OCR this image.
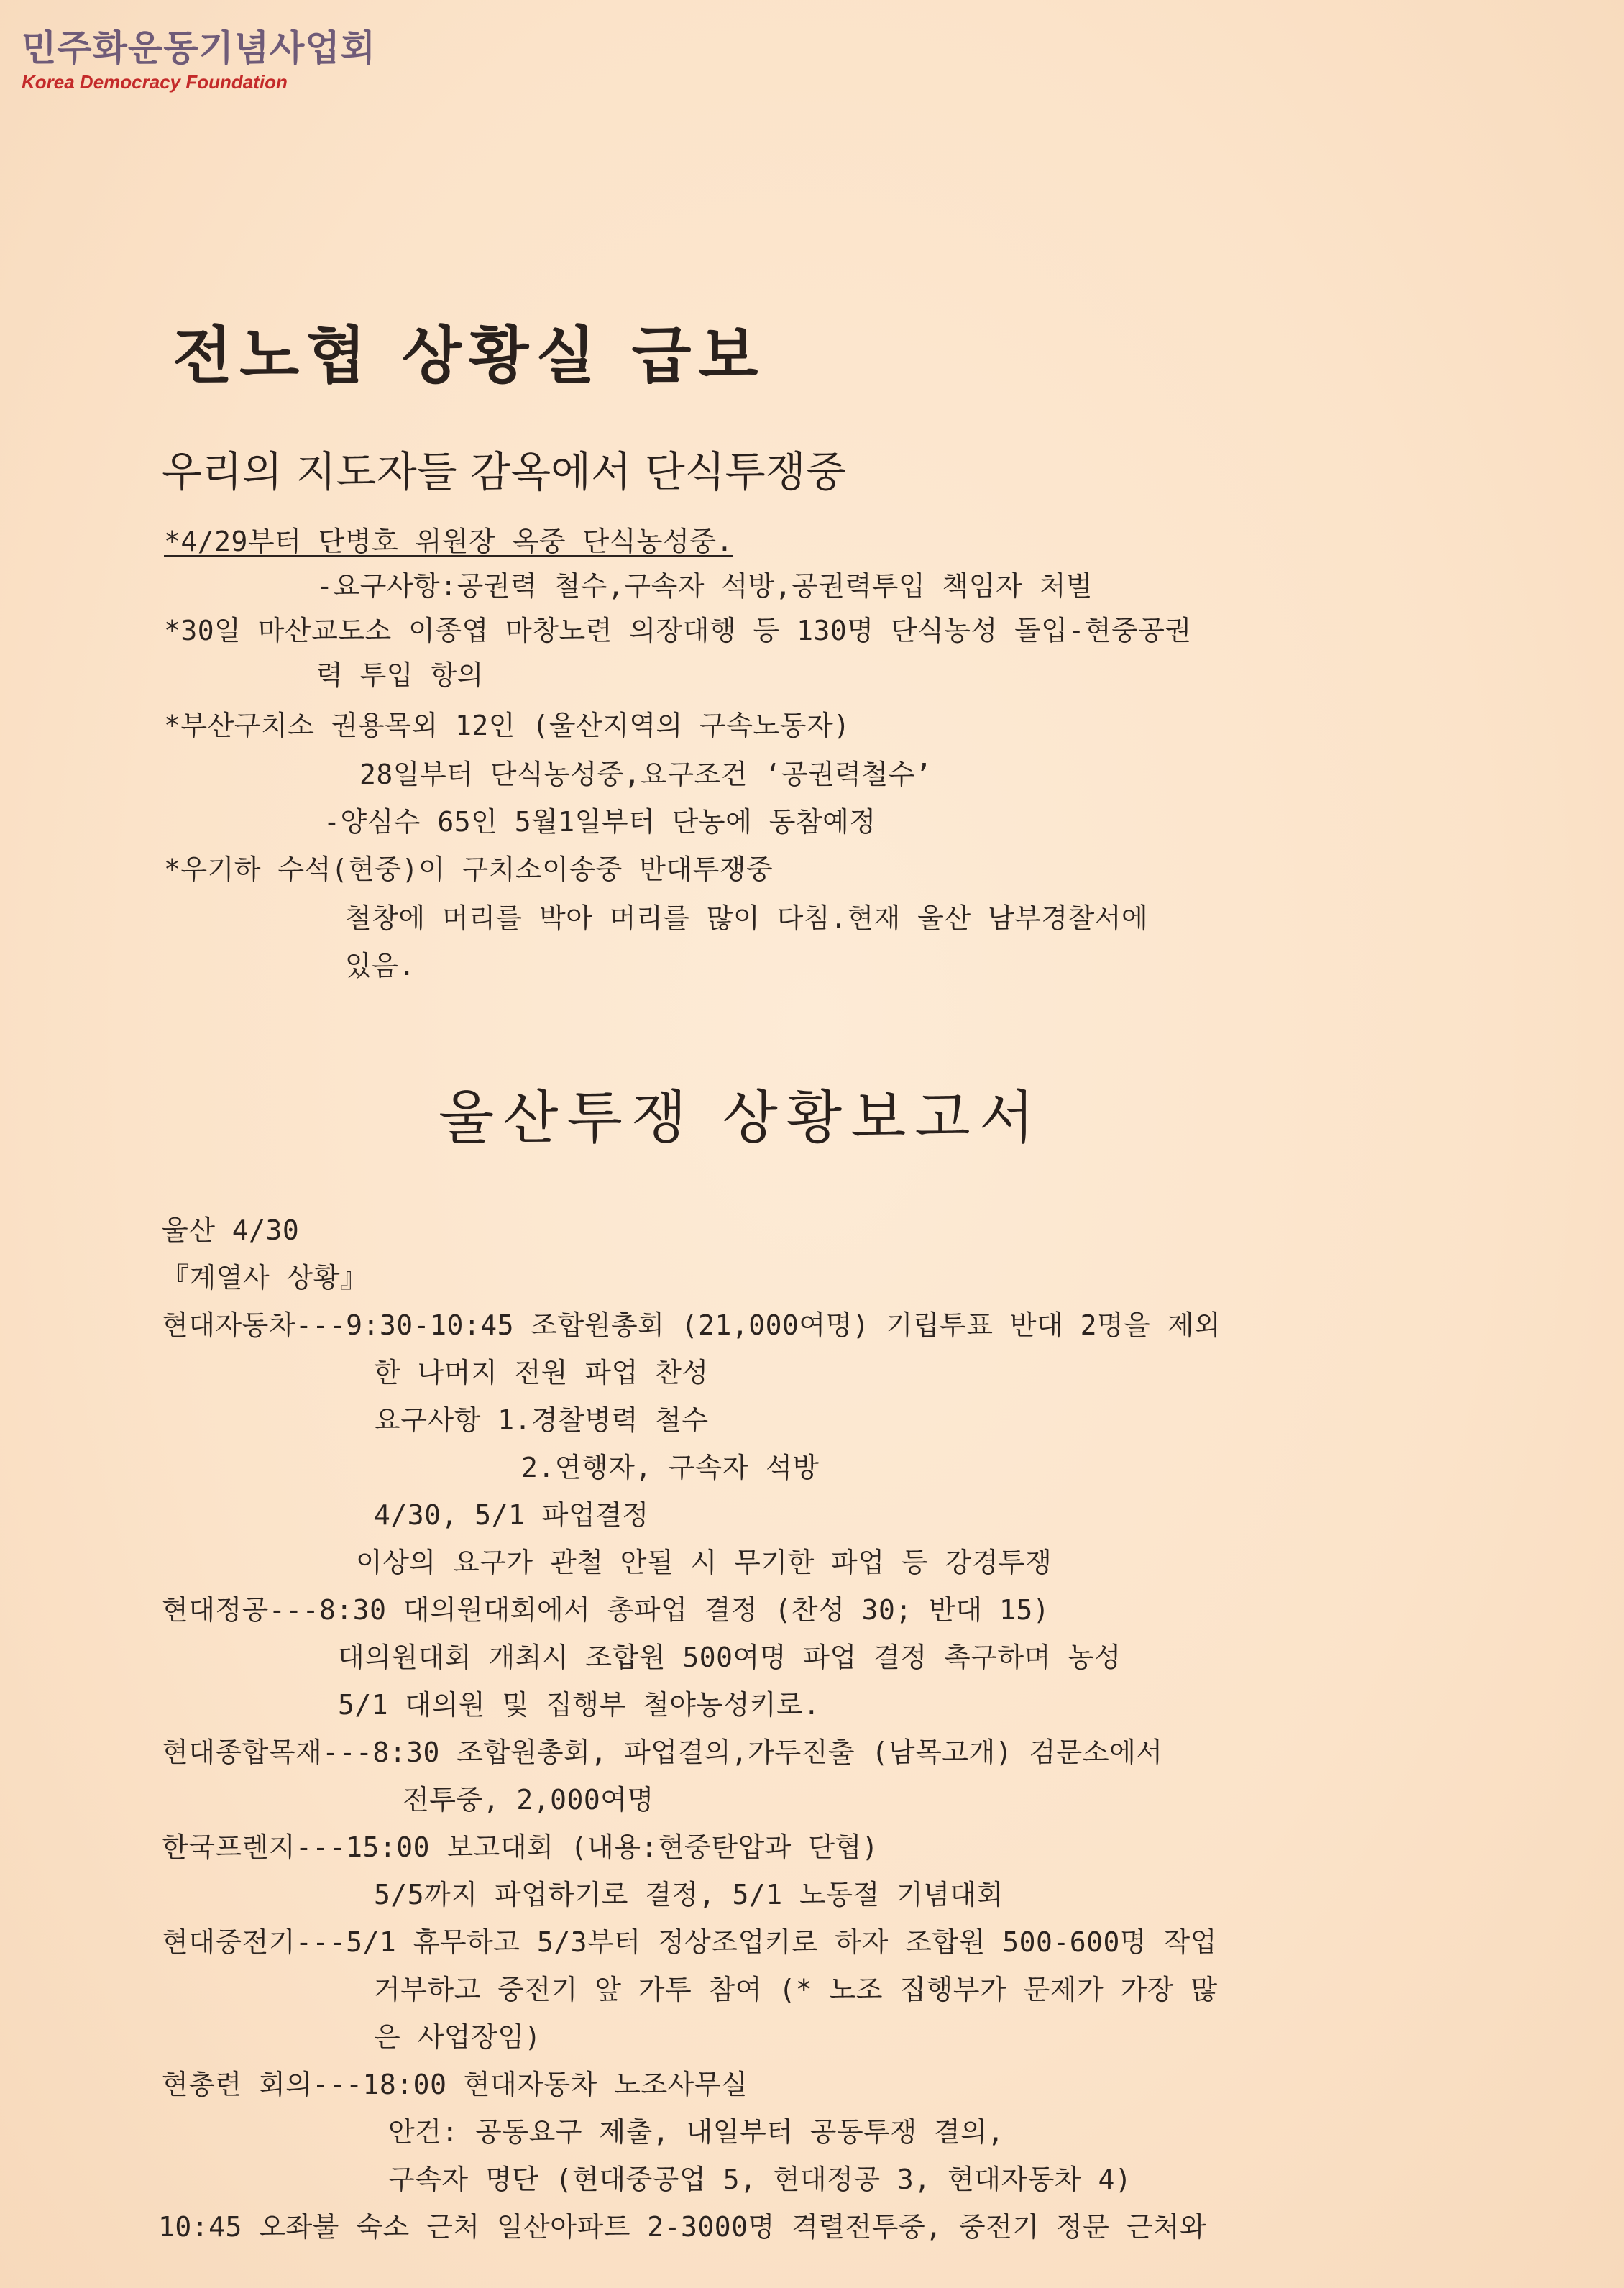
민주화운동기념사업회
Korea Democracy Foundation
전노협 상황실 급보
우리의 지도자들 감옥에서 단식투쟁중
*4/29부터 단병호 위원장 옥중 단식농성중.
-요구사항:공권력 철수,구속자 석방,공권력투입 책임자 처벌
*30일 마산교도소 이종엽 마창노련 의장대행 등 130명 단식농성 돌입-현중공권
력 투입 항의
*부산구치소 권용목외 12인 (울산지역의 구속노동자)
28일부터 단식농성중,요구조건 ‘공권력철수’
-양심수 65인 5월1일부터 단농에 동참예정
*우기하 수석(현중)이 구치소이송중 반대투쟁중
철창에 머리를 박아 머리를 많이 다침.현재 울산 남부경찰서에
있음.
울산투쟁 상황보고서
울산 4/30
『계열사 상황』
현대자동차---9:30-10:45 조합원총회 (21,000여명) 기립투표 반대 2명을 제외
한 나머지 전원 파업 찬성
요구사항 1.경찰병력 철수
2.연행자, 구속자 석방
4/30, 5/1 파업결정
이상의 요구가 관철 안될 시 무기한 파업 등 강경투쟁
현대정공---8:30 대의원대회에서 총파업 결정 (찬성 30; 반대 15)
대의원대회 개최시 조합원 500여명 파업 결정 촉구하며 농성
5/1 대의원 및 집행부 철야농성키로.
현대종합목재---8:30 조합원총회, 파업결의,가두진출 (남목고개) 검문소에서
전투중, 2,000여명
한국프렌지---15:00 보고대회 (내용:현중탄압과 단협)
5/5까지 파업하기로 결정, 5/1 노동절 기념대회
현대중전기---5/1 휴무하고 5/3부터 정상조업키로 하자 조합원 500-600명 작업
거부하고 중전기 앞 가투 참여 (* 노조 집행부가 문제가 가장 많
은 사업장임)
현총련 회의---18:00 현대자동차 노조사무실
안건: 공동요구 제출, 내일부터 공동투쟁 결의,
구속자 명단 (현대중공업 5, 현대정공 3, 현대자동차 4)
10:45 오좌불 숙소 근처 일산아파트 2-3000명 격렬전투중, 중전기 정문 근처와
